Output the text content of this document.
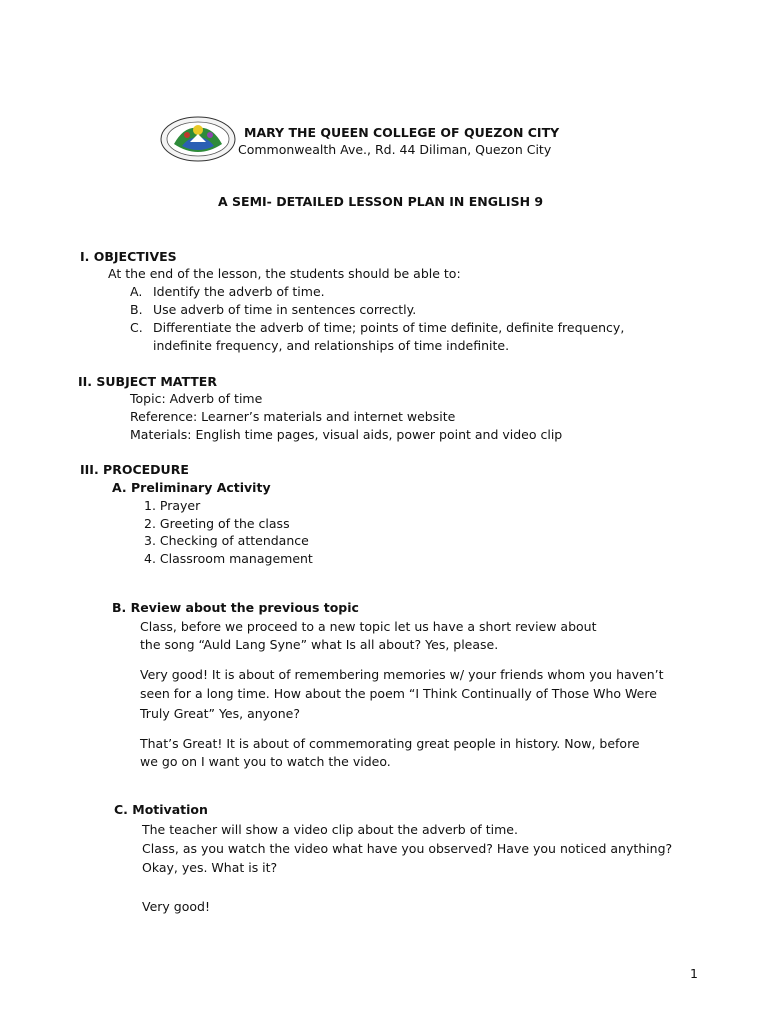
MARY THE QUEEN COLLEGE OF QUEZON CITY
Commonwealth Ave., Rd. 44 Diliman, Quezon City
A SEMI- DETAILED LESSON PLAN IN ENGLISH 9
I. OBJECTIVES
At the end of the lesson, the students should be able to:
A. Identify the adverb of time.
B. Use adverb of time in sentences correctly.
C. Differentiate the adverb of time; points of time definite, definite frequency,
indefinite frequency, and relationships of time indefinite.
II. SUBJECT MATTER
Topic: Adverb of time
Reference: Learner’s materials and internet website
Materials: English time pages, visual aids, power point and video clip
III. PROCEDURE
A. Preliminary Activity
1. Prayer
2. Greeting of the class
3. Checking of attendance
4. Classroom management
B. Review about the previous topic
Class, before we proceed to a new topic let us have a short review about
the song “Auld Lang Syne” what Is all about? Yes, please.
Very good! It is about of remembering memories w/ your friends whom you haven’t
seen for a long time. How about the poem “I Think Continually of Those Who Were
Truly Great” Yes, anyone?
That’s Great! It is about of commemorating great people in history. Now, before
we go on I want you to watch the video.
C. Motivation
The teacher will show a video clip about the adverb of time.
Class, as you watch the video what have you observed? Have you noticed anything?
Okay, yes. What is it?
Very good!
1
